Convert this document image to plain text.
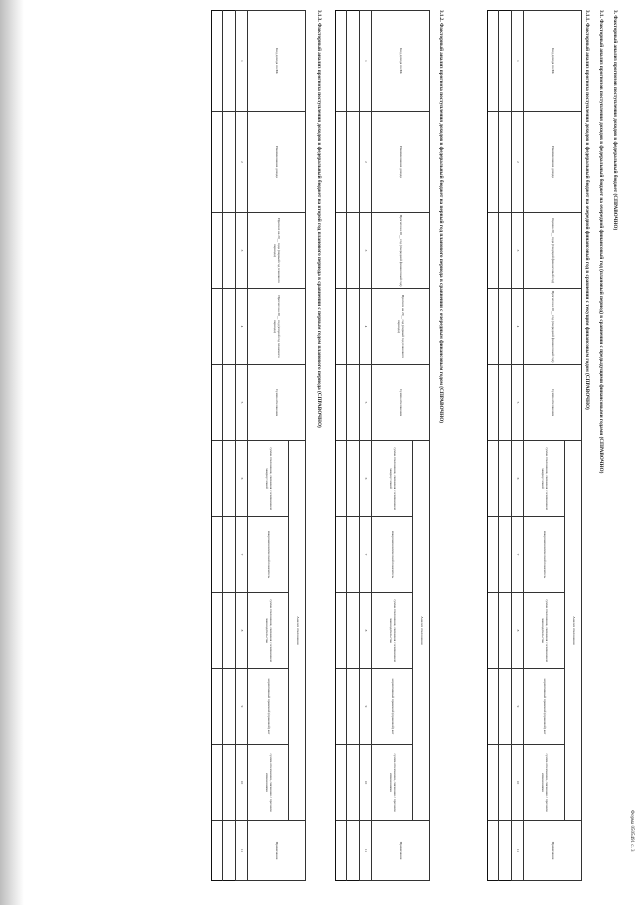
Форма 0505491 с. 3
3. Факторный анализ прогнозов поступления доходов в федеральный бюджет (СПРАВОЧНО)
3.1. Факторный анализ прогнозов поступления доходов в федеральный бюджет на очередной финансовый год (плановый период) в сравнении с предыдущими финансовыми годами (СПРАВОЧНО)
3.1.1. Факторный анализ прогноза поступления доходов в федеральный бюджет на очередной финансовый год в сравнении с текущим финансовым годом (СПРАВОЧНО)
Код дохода по БК	Наименование дохода	Оценка 20__ года (текущий финансовый год)	Прогноз на 20__ год (очередной финансовый год)	Сумма отклонения	Анализ отклонения					Примечание
					сумма отклонения, связанная с изменением макроусловий	макроэкономический показатель	сумма отклонения, связанная с изменением законодательства	нормативный правовой (правовой) акт	сумма отклонения, связанная с прочими изменениями	
1	2	3	4	5	6	7	8	9	10	11

3.1.2. Факторный анализ прогноза поступления доходов в федеральный бюджет на первый год планового периода в сравнении с очередным финансовым годом (СПРАВОЧНО)
Код дохода по БК	Наименование дохода	Прогноз на 20__ год (очередной финансовый год)	Прогноз на 20__ год (первый год планового периода)	Сумма отклонения	Анализ отклонения					Примечание
					сумма отклонения, связанная с изменением макроусловий	макроэкономический показатель	сумма отклонения, связанная с изменением законодательства	нормативный правовой (правовой) акт	сумма отклонения, связанная с прочими изменениями	
1	2	3	4	5	6	7	8	9	10	11

3.1.3. Факторный анализ прогноза поступления доходов в федеральный бюджет на второй год планового периода в сравнении с первым годом планового периода (СПРАВОЧНО)
Код дохода по БК	Наименование дохода	Прогноз на 20__ года (первый год планового периода)	Прогноз на 20__ год (второй год планового периода)	Сумма отклонения	Анализ отклонения					Примечание
					сумма отклонения, связанная с изменением макроусловий	макроэкономический показатель	сумма отклонения, связанная с изменением законодательства	нормативный правовой (правовой) акт	сумма отклонения, связанная с прочими изменениями	
1	2	3	4	5	6	7	8	9	10	11
